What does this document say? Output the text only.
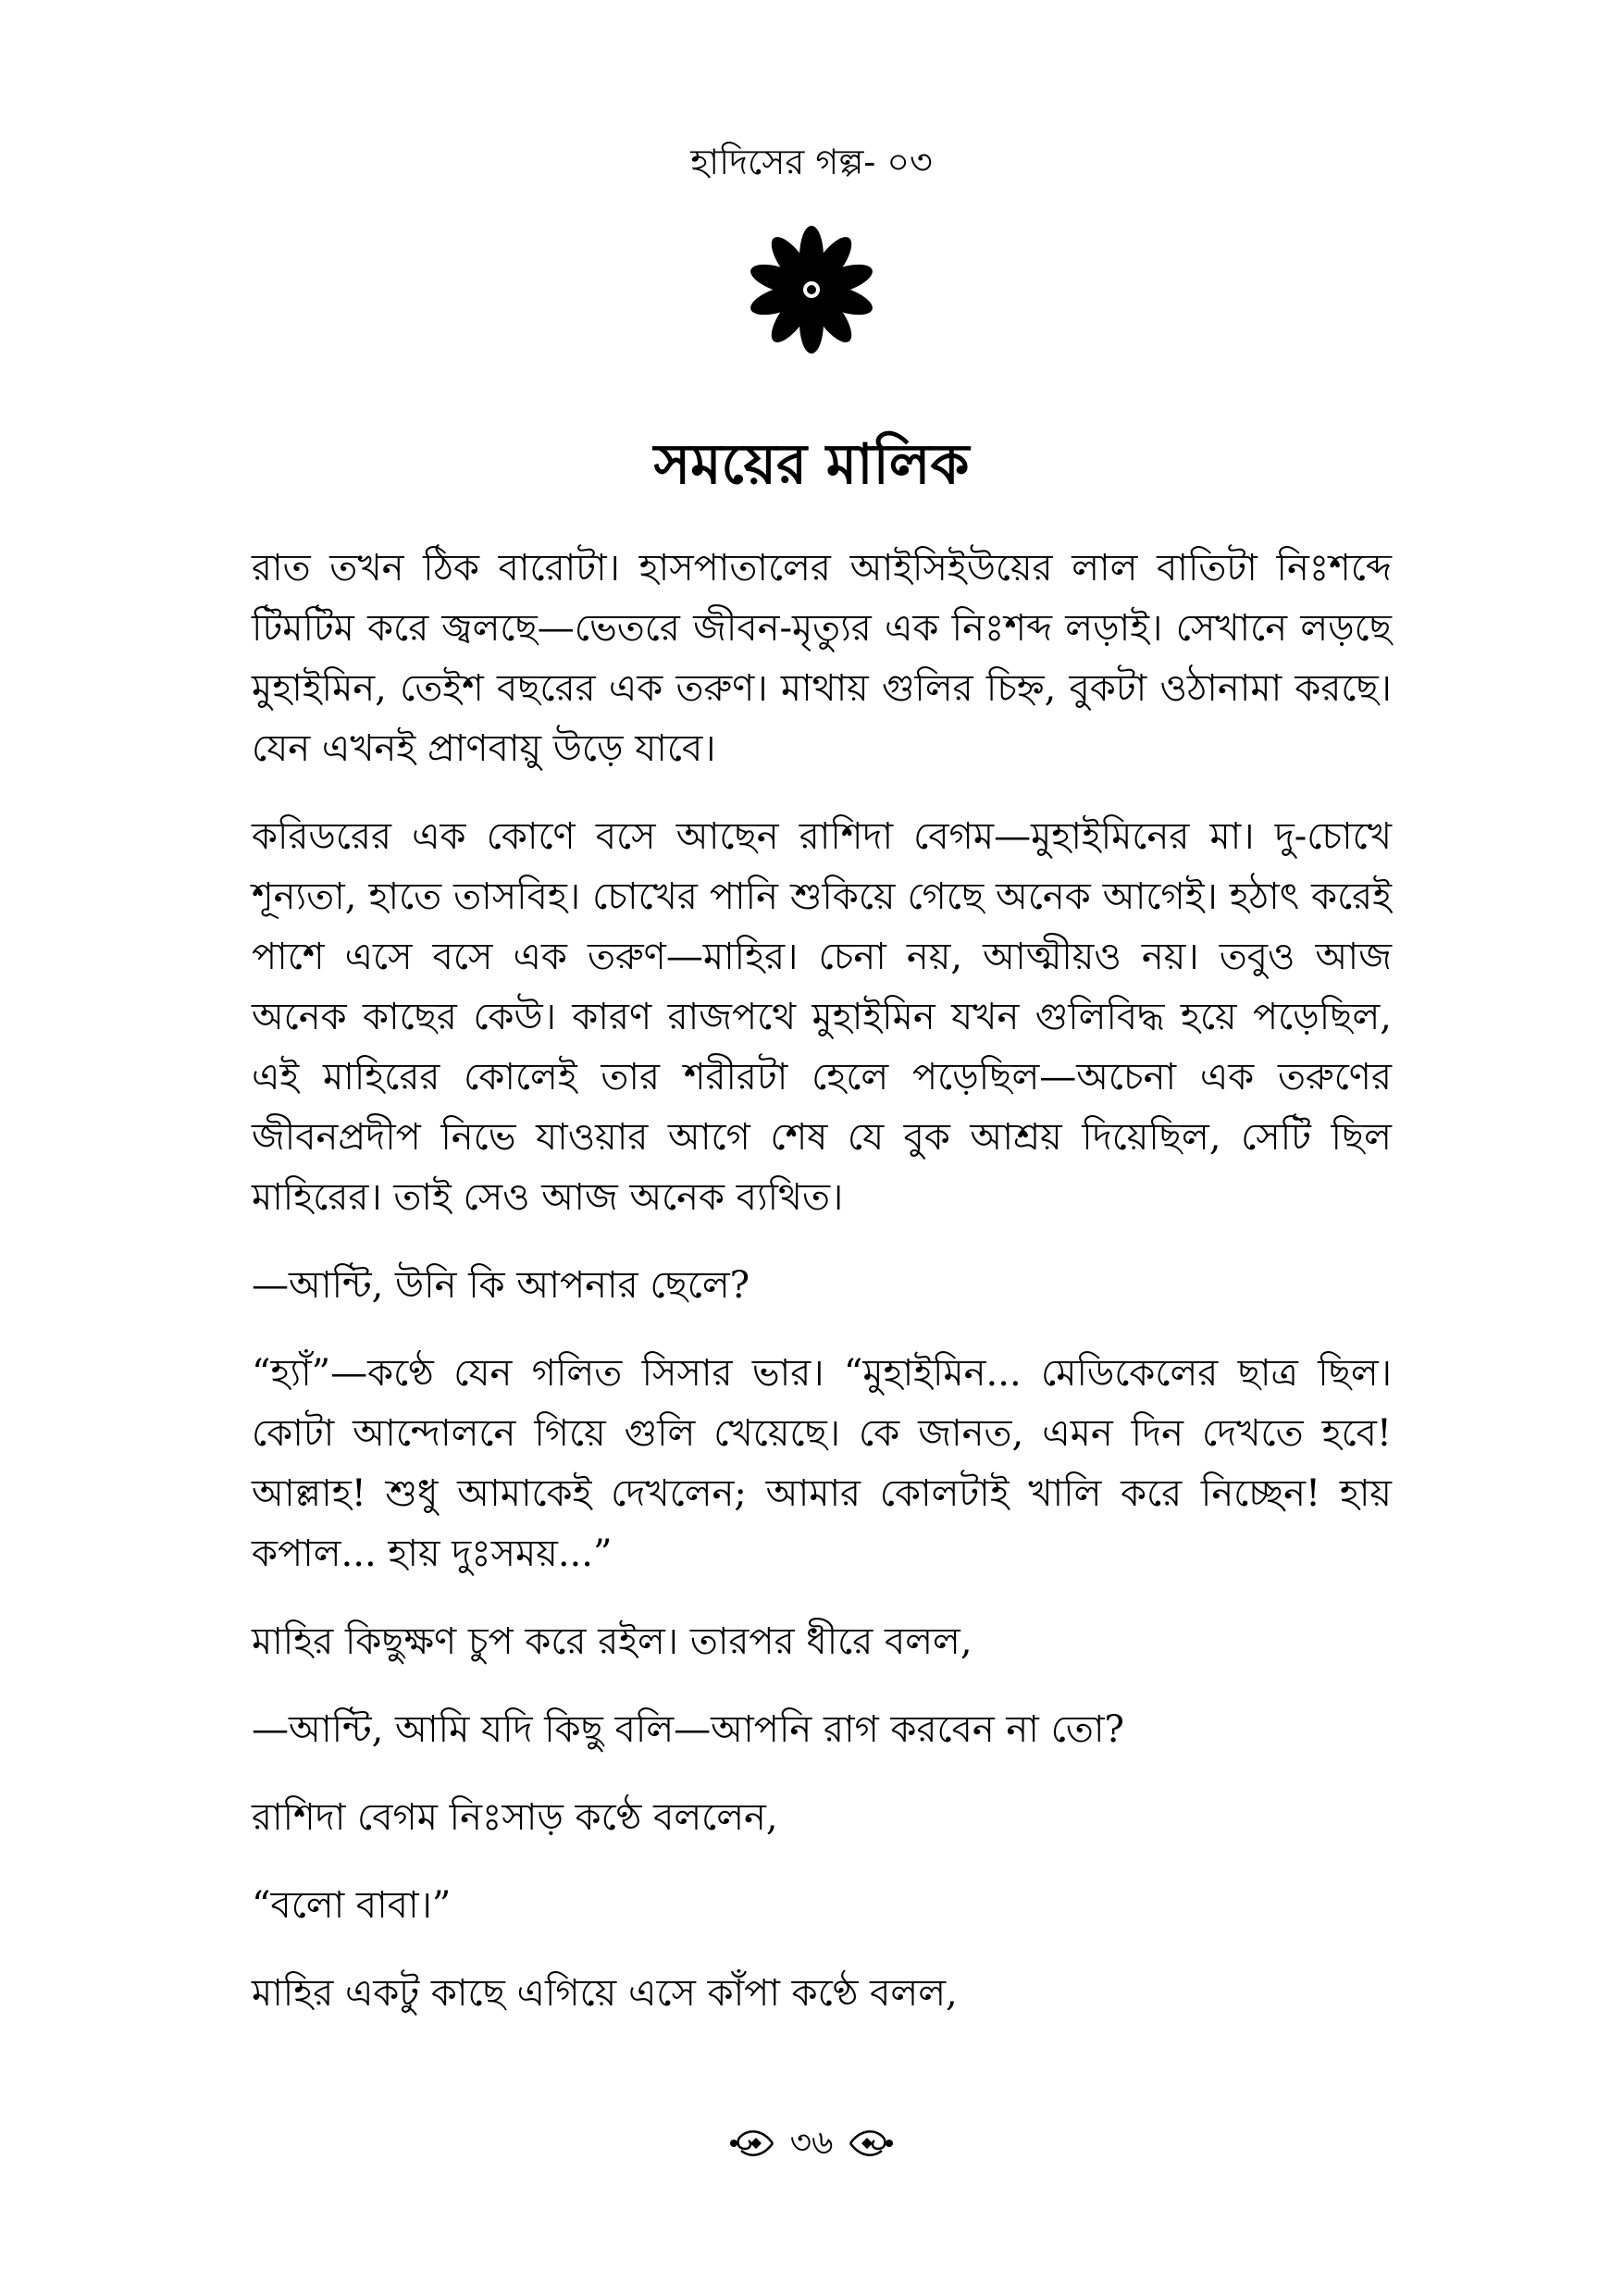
হাদিসের গল্প- ০৩
সময়ের মালিক

রাত তখন ঠিক বারোটা। হাসপাতালের আইসিইউয়ের লাল বাতিটা নিঃশব্দে টিমটিম করে জ্বলছে—ভেতরে জীবন-মৃত্যুর এক নিঃশব্দ লড়াই। সেখানে লড়ছে মুহাইমিন, তেইশ বছরের এক তরুণ। মাথায় গুলির চিহ্ন, বুকটা ওঠানামা করছে। যেন এখনই প্রাণবায়ু উড়ে যাবে।

করিডরের এক কোণে বসে আছেন রাশিদা বেগম—মুহাইমিনের মা। দু-চোখে শূন্যতা, হাতে তাসবিহ। চোখের পানি শুকিয়ে গেছে অনেক আগেই। হঠাৎ করেই পাশে এসে বসে এক তরুণ—মাহির। চেনা নয়, আত্মীয়ও নয়। তবুও আজ অনেক কাছের কেউ। কারণ রাজপথে মুহাইমিন যখন গুলিবিদ্ধ হয়ে পড়েছিল, এই মাহিরের কোলেই তার শরীরটা হেলে পড়েছিল—অচেনা এক তরুণের জীবনপ্রদীপ নিভে যাওয়ার আগে শেষ যে বুক আশ্রয় দিয়েছিল, সেটি ছিল মাহিরের। তাই সেও আজ অনেক ব্যথিত।

—আন্টি, উনি কি আপনার ছেলে?

“হ্যাঁ”—কণ্ঠে যেন গলিত সিসার ভার। “মুহাইমিন... মেডিকেলের ছাত্র ছিল। কোটা আন্দোলনে গিয়ে গুলি খেয়েছে। কে জানত, এমন দিন দেখতে হবে! আল্লাহ! শুধু আমাকেই দেখলেন; আমার কোলটাই খালি করে নিচ্ছেন! হায় কপাল... হায় দুঃসময়...”

মাহির কিছুক্ষণ চুপ করে রইল। তারপর ধীরে বলল,

—আন্টি, আমি যদি কিছু বলি—আপনি রাগ করবেন না তো?

রাশিদা বেগম নিঃসাড় কণ্ঠে বললেন,

“বলো বাবা।”

মাহির একটু কাছে এগিয়ে এসে কাঁপা কণ্ঠে বলল,

৩৬
